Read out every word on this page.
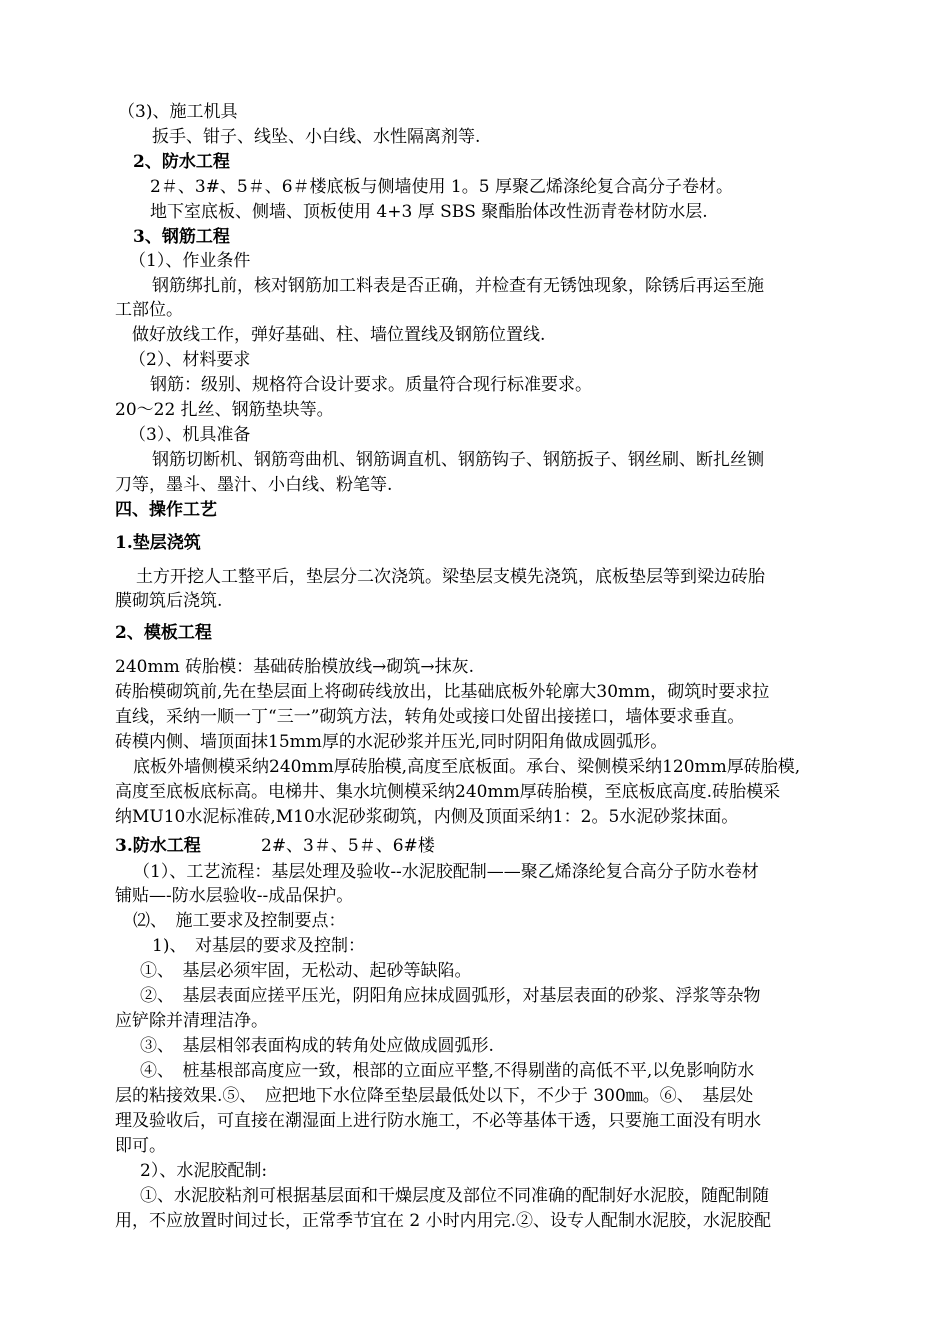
（3)、施工机具
扳手、钳子、线坠、小白线、水性隔离剂等.
2、防水工程
2＃、3#、5＃、6＃楼底板与侧墙使用 1。5 厚聚乙烯涤纶复合高分子卷材。
地下室底板、侧墙、顶板使用 4+3 厚 SBS 聚酯胎体改性沥青卷材防水层.
3、钢筋工程
（1）、作业条件
钢筋绑扎前，核对钢筋加工料表是否正确，并检查有无锈蚀现象，除锈后再运至施
工部位。
做好放线工作，弹好基础、柱、墙位置线及钢筋位置线.
（2）、材料要求
钢筋：级别、规格符合设计要求。质量符合现行标准要求。
20～22 扎丝、钢筋垫块等。
（3）、机具准备
钢筋切断机、钢筋弯曲机、钢筋调直机、钢筋钩子、钢筋扳子、钢丝刷、断扎丝铡
刀等，墨斗、墨汁、小白线、粉笔等.
四、操作工艺
1.垫层浇筑
土方开挖人工整平后，垫层分二次浇筑。梁垫层支模先浇筑，底板垫层等到梁边砖胎
膜砌筑后浇筑.
2、模板工程
240mm 砖胎模：基础砖胎模放线→砌筑→抹灰.
砖胎模砌筑前,先在垫层面上将砌砖线放出，比基础底板外轮廓大30mm，砌筑时要求拉
直线，采纳一顺一丁“三一”砌筑方法，转角处或接口处留出接搓口，墙体要求垂直。
砖模内侧、墙顶面抹15mm厚的水泥砂浆并压光,同时阴阳角做成圆弧形。
底板外墙侧模采纳240mm厚砖胎模,高度至底板面。承台、梁侧模采纳120mm厚砖胎模,
高度至底板底标高。电梯井、集水坑侧模采纳240mm厚砖胎模，至底板底高度.砖胎模采
纳MU10水泥标准砖,M10水泥砂浆砌筑，内侧及顶面采纳1：2。5水泥砂浆抹面。
3.防水工程	2#、3＃、5＃、6#楼
（1）、工艺流程：基层处理及验收--水泥胶配制——聚乙烯涤纶复合高分子防水卷材
铺贴—-防水层验收--成品保护。
⑵、　施工要求及控制要点：
1)、　对基层的要求及控制：
①、　基层必须牢固，无松动、起砂等缺陷。
②、　基层表面应搓平压光，阴阳角应抹成圆弧形，对基层表面的砂浆、浮浆等杂物
应铲除并清理洁净。
③、　基层相邻表面构成的转角处应做成圆弧形.
④、　桩基根部高度应一致，根部的立面应平整,不得剔凿的高低不平,以免影响防水
层的粘接效果.⑤、　应把地下水位降至垫层最低处以下，不少于 300㎜。⑥、　基层处
理及验收后，可直接在潮湿面上进行防水施工，不必等基体干透，只要施工面没有明水
即可。
2）、水泥胶配制:
①、水泥胶粘剂可根据基层面和干燥层度及部位不同准确的配制好水泥胶，随配制随
用，不应放置时间过长，正常季节宜在 2 小时内用完.②、设专人配制水泥胶，水泥胶配
